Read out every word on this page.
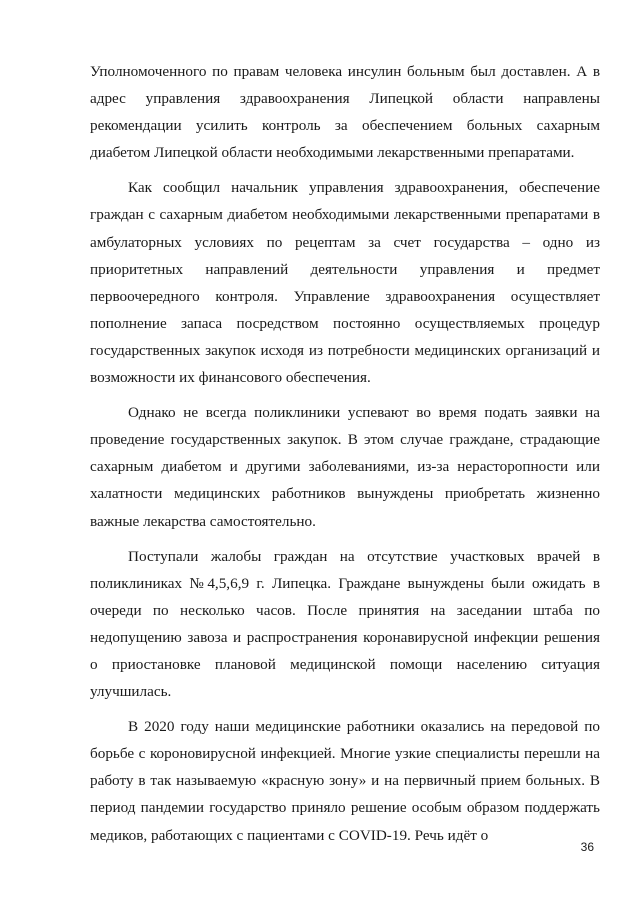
Уполномоченного по правам человека инсулин больным был доставлен. А в адрес управления здравоохранения Липецкой области направлены рекомендации усилить контроль за обеспечением больных сахарным диабетом Липецкой области необходимыми лекарственными препаратами.

Как сообщил начальник управления здравоохранения, обеспечение граждан с сахарным диабетом необходимыми лекарственными препаратами в амбулаторных условиях по рецептам за счет государства – одно из приоритетных направлений деятельности управления и предмет первоочередного контроля. Управление здравоохранения осуществляет пополнение запаса посредством постоянно осуществляемых процедур государственных закупок исходя из потребности медицинских организаций и возможности их финансового обеспечения.

Однако не всегда поликлиники успевают во время подать заявки на проведение государственных закупок. В этом случае граждане, страдающие сахарным диабетом и другими заболеваниями, из-за нерасторопности или халатности медицинских работников вынуждены приобретать жизненно важные лекарства самостоятельно.

Поступали жалобы граждан на отсутствие участковых врачей в поликлиниках №4,5,6,9 г. Липецка. Граждане вынуждены были ожидать в очереди по несколько часов. После принятия на заседании штаба по недопущению завоза и распространения коронавирусной инфекции решения о приостановке плановой медицинской помощи населению ситуация улучшилась.

В 2020 году наши медицинские работники оказались на передовой по борьбе с короновирусной инфекцией. Многие узкие специалисты перешли на работу в так называемую «красную зону» и на первичный прием больных. В период пандемии государство приняло решение особым образом поддержать медиков, работающих с пациентами с COVID-19. Речь идёт о

36
